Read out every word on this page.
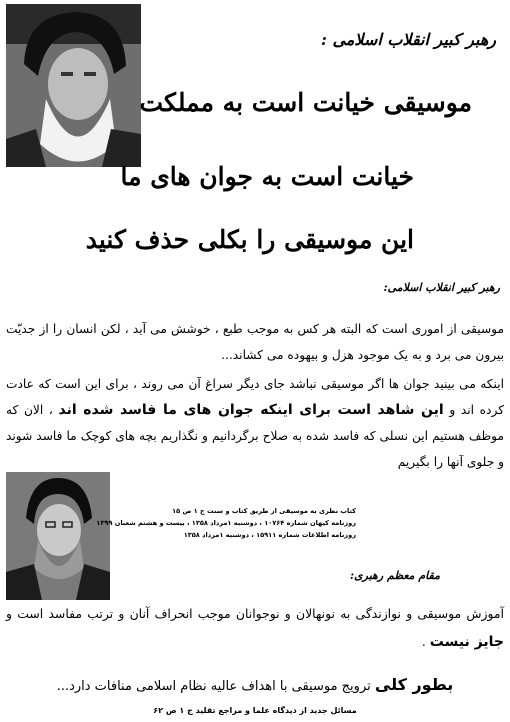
رهبر کبیر انقلاب اسلامی :
موسیقی خیانت است به مملکت
خیانت است به جوان های ما
این موسیقی را بکلی حذف کنید
رهبر کبیر انقلاب اسلامی:
موسیقی از اموری است که البته هر کس به موجب طبع ، خوشش می آید ، لکن انسان را از جدیّت بیرون می برد و به یک موجود هزل و بیهوده می کشاند...
اینکه می بینید جوان ها اگر موسیقی نباشد جای دیگر سراغ آن می روند ، برای این است که عادت کرده اند و این شاهد است برای اینکه جوان های ما فاسد شده اند ، الان که موظف هستیم این نسلی که فاسد شده به صلاح برگردانیم و نگذاریم بچه های کوچک ما فاسد شوند و جلوی آنها را بگیریم
کتاب نظری به موسیقی از طریق کتاب و سنت ج ۱ ص ۱۵
روزنامه کیهان شماره ۱۰۷۶۴ ، دوشنبه ۱مرداد ۱۳۵۸ ، بیست و هشتم شعبان ۱۳۹۹
روزنامه اطلاعات شماره ۱۵۹۱۱ ، دوشنبه ۱مرداد ۱۳۵۸
مقام معظم رهبری:
آموزش موسیقی و نوازندگی به نونهالان و نوجوانان موجب انحراف آنان و ترتب مفاسد است و جایز نیست .
بطور کلی ترویج موسیقی با اهداف عالیه نظام اسلامی منافات دارد...
مسائل جدید از دیدگاه علما و مراجع تقلید ج ۱ ص ۶۲
